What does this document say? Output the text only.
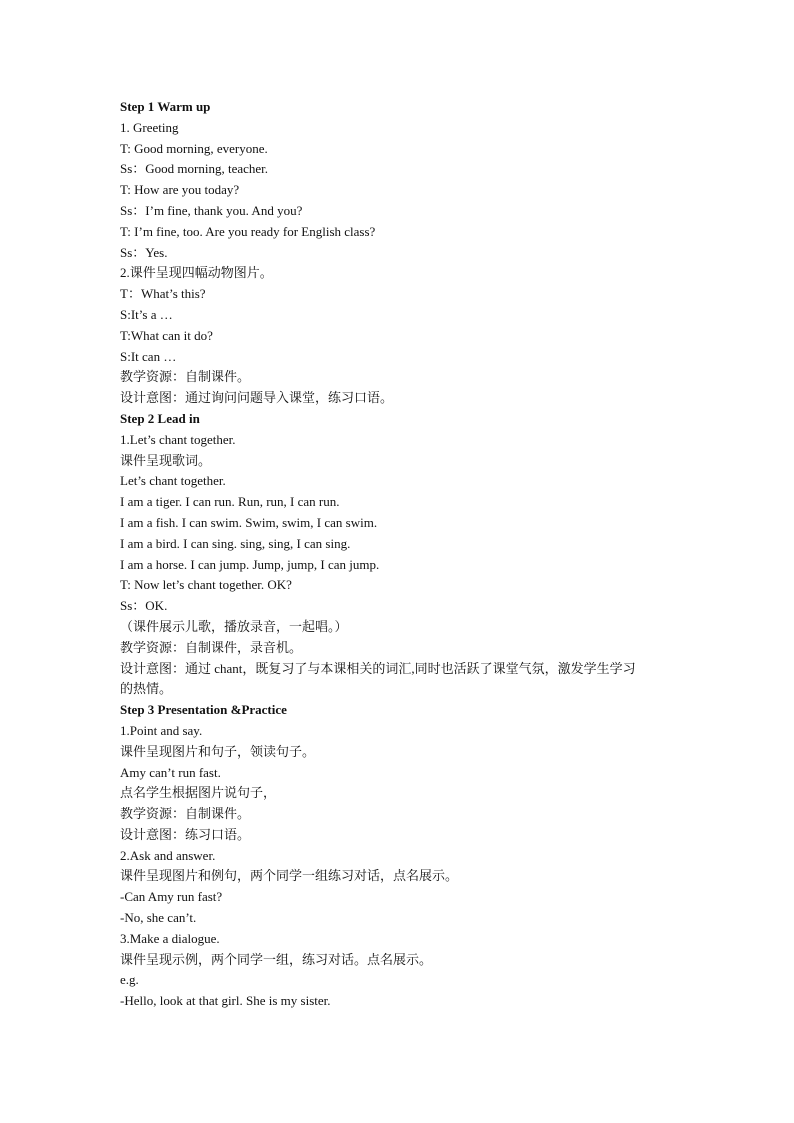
Step 1 Warm up
1. Greeting
T: Good morning, everyone.
Ss：Good morning, teacher.
T: How are you today?
Ss：I’m fine, thank you. And you?
T: I’m fine, too. Are you ready for English class?
Ss：Yes.
2.课件呈现四幅动物图片。
T：What’s this?
S:It’s a …
T:What can it do?
S:It can …
教学资源：自制课件。
设计意图：通过询问问题导入课堂，练习口语。
Step 2 Lead in
1.Let’s chant together.
课件呈现歌词。
Let’s chant together.
I am a tiger. I can run. Run, run, I can run.
I am a fish. I can swim. Swim, swim, I can swim.
I am a bird. I can sing. sing, sing, I can sing.
I am a horse. I can jump. Jump, jump, I can jump.
T: Now let’s chant together. OK?
Ss：OK.
（课件展示儿歌，播放录音，一起唱。）
教学资源：自制课件，录音机。
设计意图：通过 chant，既复习了与本课相关的词汇,同时也活跃了课堂气氛，激发学生学习
的热情。
Step 3 Presentation &Practice
1.Point and say.
课件呈现图片和句子，领读句子。
Amy can’t run fast.
点名学生根据图片说句子，
教学资源：自制课件。
设计意图：练习口语。
2.Ask and answer.
课件呈现图片和例句，两个同学一组练习对话，点名展示。
-Can Amy run fast?
-No, she can’t.
3.Make a dialogue.
课件呈现示例，两个同学一组，练习对话。点名展示。
e.g.
-Hello, look at that girl. She is my sister.
